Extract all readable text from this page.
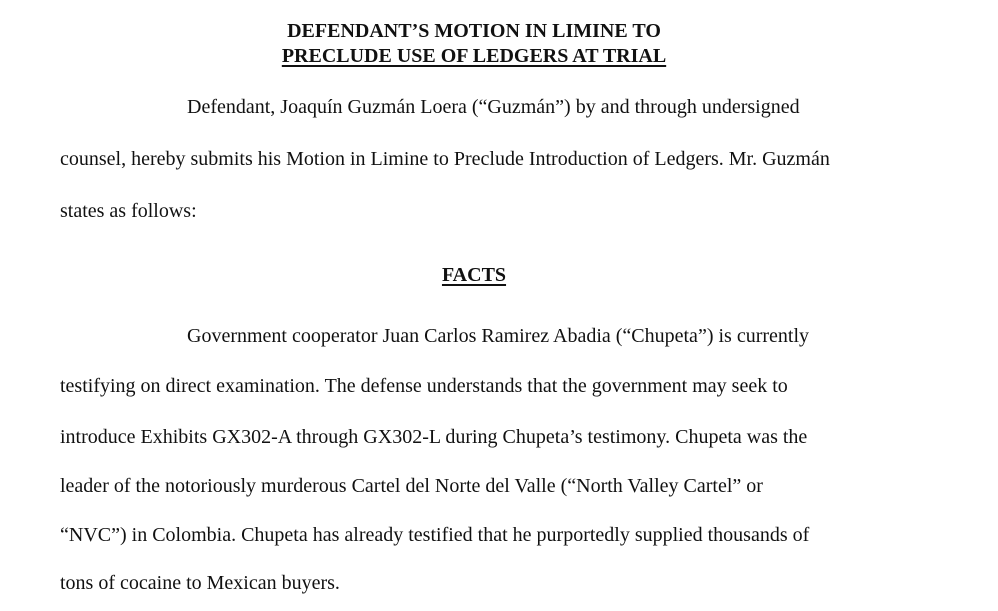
DEFENDANT’S MOTION IN LIMINE TO
PRECLUDE USE OF LEDGERS AT TRIAL
Defendant, Joaquín Guzmán Loera (“Guzmán”) by and through undersigned
counsel, hereby submits his Motion in Limine to Preclude Introduction of Ledgers. Mr. Guzmán
states as follows:
FACTS
Government cooperator Juan Carlos Ramirez Abadia (“Chupeta”) is currently
testifying on direct examination. The defense understands that the government may seek to
introduce Exhibits GX302-A through GX302-L during Chupeta’s testimony. Chupeta was the
leader of the notoriously murderous Cartel del Norte del Valle (“North Valley Cartel” or
“NVC”) in Colombia. Chupeta has already testified that he purportedly supplied thousands of
tons of cocaine to Mexican buyers.
